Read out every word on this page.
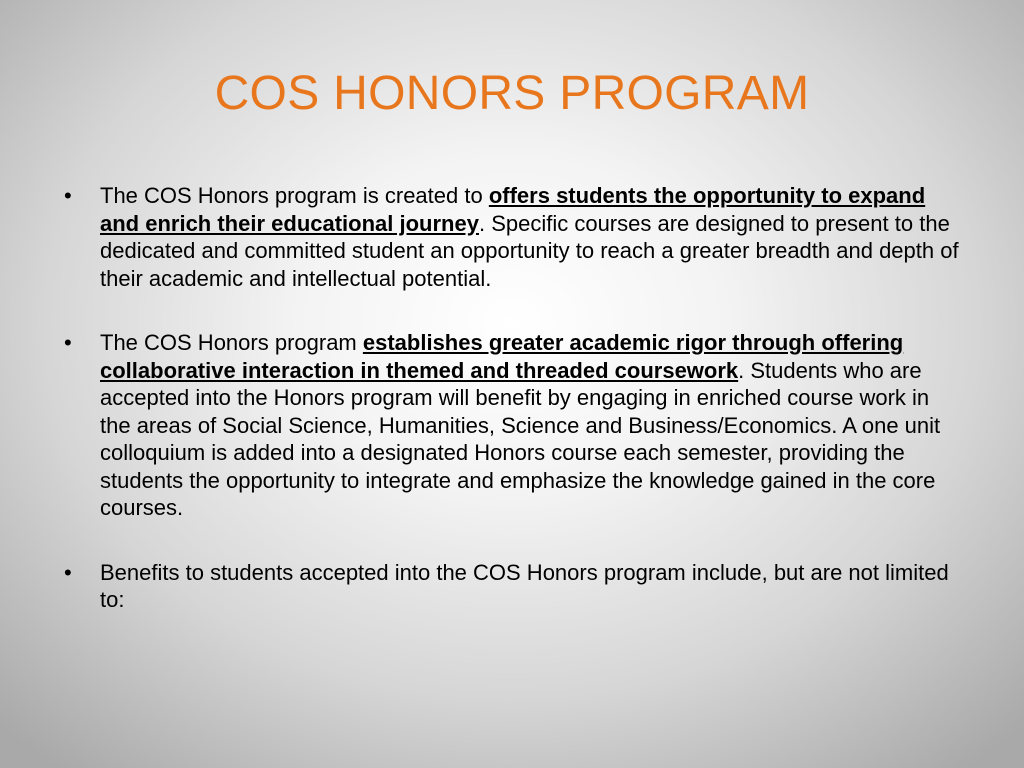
COS HONORS PROGRAM
• The COS Honors program is created to offers students the opportunity to expand and enrich their educational journey. Specific courses are designed to present to the dedicated and committed student an opportunity to reach a greater breadth and depth of their academic and intellectual potential.
• The COS Honors program establishes greater academic rigor through offering collaborative interaction in themed and threaded coursework. Students who are accepted into the Honors program will benefit by engaging in enriched course work in the areas of Social Science, Humanities, Science and Business/Economics. A one unit colloquium is added into a designated Honors course each semester, providing the students the opportunity to integrate and emphasize the knowledge gained in the core courses.
• Benefits to students accepted into the COS Honors program include, but are not limited to:
